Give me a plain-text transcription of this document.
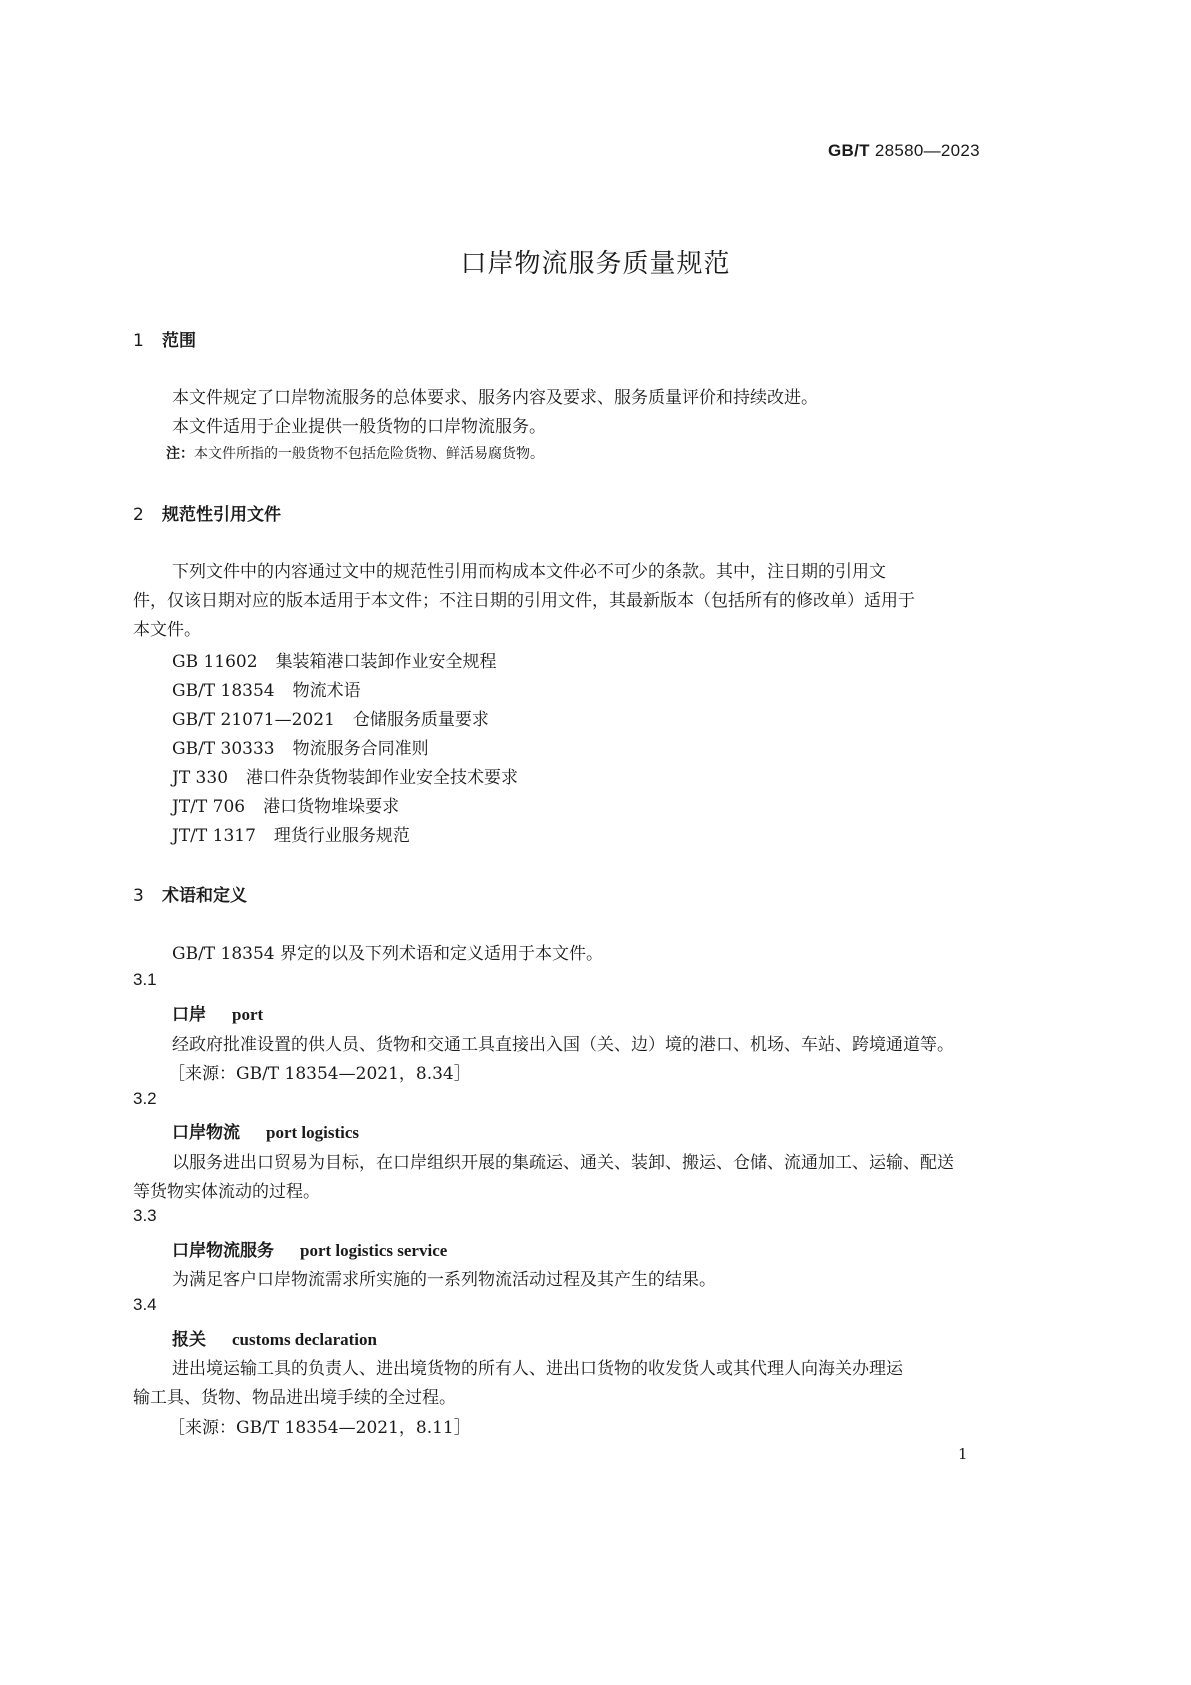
GB/T 28580—2023
口岸物流服务质量规范
1 范围
本文件规定了口岸物流服务的总体要求、服务内容及要求、服务质量评价和持续改进。
本文件适用于企业提供一般货物的口岸物流服务。
注：本文件所指的一般货物不包括危险货物、鲜活易腐货物。
2 规范性引用文件
下列文件中的内容通过文中的规范性引用而构成本文件必不可少的条款。其中，注日期的引用文
件，仅该日期对应的版本适用于本文件；不注日期的引用文件，其最新版本（包括所有的修改单）适用于
本文件。
GB 11602 集装箱港口装卸作业安全规程
GB/T 18354 物流术语
GB/T 21071—2021 仓储服务质量要求
GB/T 30333 物流服务合同准则
JT 330 港口件杂货物装卸作业安全技术要求
JT/T 706 港口货物堆垛要求
JT/T 1317 理货行业服务规范
3 术语和定义
GB/T 18354 界定的以及下列术语和定义适用于本文件。
3.1
口岸 port
经政府批准设置的供人员、货物和交通工具直接出入国（关、边）境的港口、机场、车站、跨境通道等。
［来源：GB/T 18354—2021，8.34］
3.2
口岸物流 port logistics
以服务进出口贸易为目标，在口岸组织开展的集疏运、通关、装卸、搬运、仓储、流通加工、运输、配送
等货物实体流动的过程。
3.3
口岸物流服务 port logistics service
为满足客户口岸物流需求所实施的一系列物流活动过程及其产生的结果。
3.4
报关 customs declaration
进出境运输工具的负责人、进出境货物的所有人、进出口货物的收发货人或其代理人向海关办理运
输工具、货物、物品进出境手续的全过程。
［来源：GB/T 18354—2021，8.11］
1
